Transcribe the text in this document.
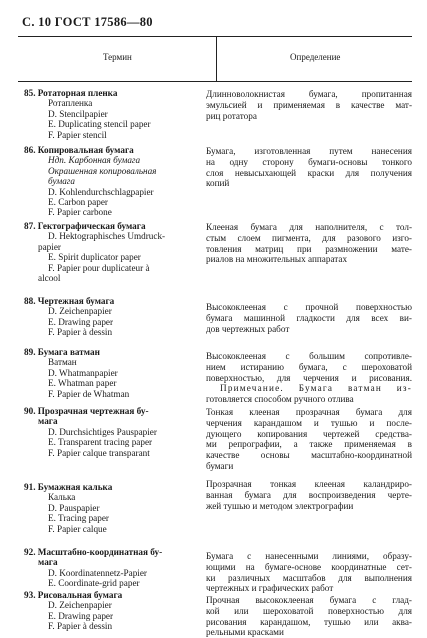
С. 10 ГОСТ 17586—80
Термин	Определение
85. Ротаторная пленка
Ротапленка
D. Stencilpapier
E. Duplicating stencil paper
F. Papier stencil
Длинноволокнистая бумага, пропитанная
эмульсией и применяемая в качестве мат-
риц ротатора
86. Копировальная бумага
Ндп. Карбонная бумага
Окрашенная копировальная
бумага
D. Kohlendurchschlagpapier
E. Carbon paper
F. Papier carbone
Бумага, изготовленная путем нанесения
на одну сторону бумаги-основы тонкого
слоя невысыхающей краски для получения
копий
87. Гектографическая бумага
D. Hektographisches Umdruck-
papier
E. Spirit duplicator paper
F. Papier pour duplicateur à
alcool
Клееная бумага для наполнителя, с тол-
стым слоем пигмента, для разового изго-
товления матриц при размножении мате-
риалов на множительных аппаратах
88. Чертежная бумага
D. Zeichenpapier
E. Drawing paper
F. Papier à dessin
Высококлееная с прочной поверхностью
бумага машинной гладкости для всех ви-
дов чертежных работ
89. Бумага ватман
Ватман
D. Whatmanpapier
E. Whatman paper
F. Papier de Whatman
Высококлееная с большим сопротивле-
нием истиранию бумага, с шероховатой
поверхностью, для черчения и рисования.
Примечание. Бумага ватман из-
готовляется способом ручного отлива
90. Прозрачная чертежная бу-
мага
D. Durchsichtiges Pauspapier
E. Transparent tracing paper
F. Papier calque transparant
Тонкая клееная прозрачная бумага для
черчения карандашом и тушью и после-
дующего копирования чертежей средства-
ми репрографии, а также применяемая в
качестве основы масштабно-координатной
бумаги
91. Бумажная калька
Калька
D. Pauspapier
E. Tracing paper
F. Papier calque
Прозрачная тонкая клееная каландриро-
ванная бумага для воспроизведения черте-
жей тушью и методом электрографии
92. Масштабно-координатная бу-
мага
D. Koordinatennetz-Papier
E. Coordinate-grid paper
Бумага с нанесенными линиями, образу-
ющими на бумаге-основе координатные сет-
ки различных масштабов для выполнения
чертежных и графических работ
93. Рисовальная бумага
D. Zeichenpapier
E. Drawing paper
F. Papier à dessin
Прочная высококлееная бумага с глад-
кой или шероховатой поверхностью для
рисования карандашом, тушью или аква-
рельными красками
